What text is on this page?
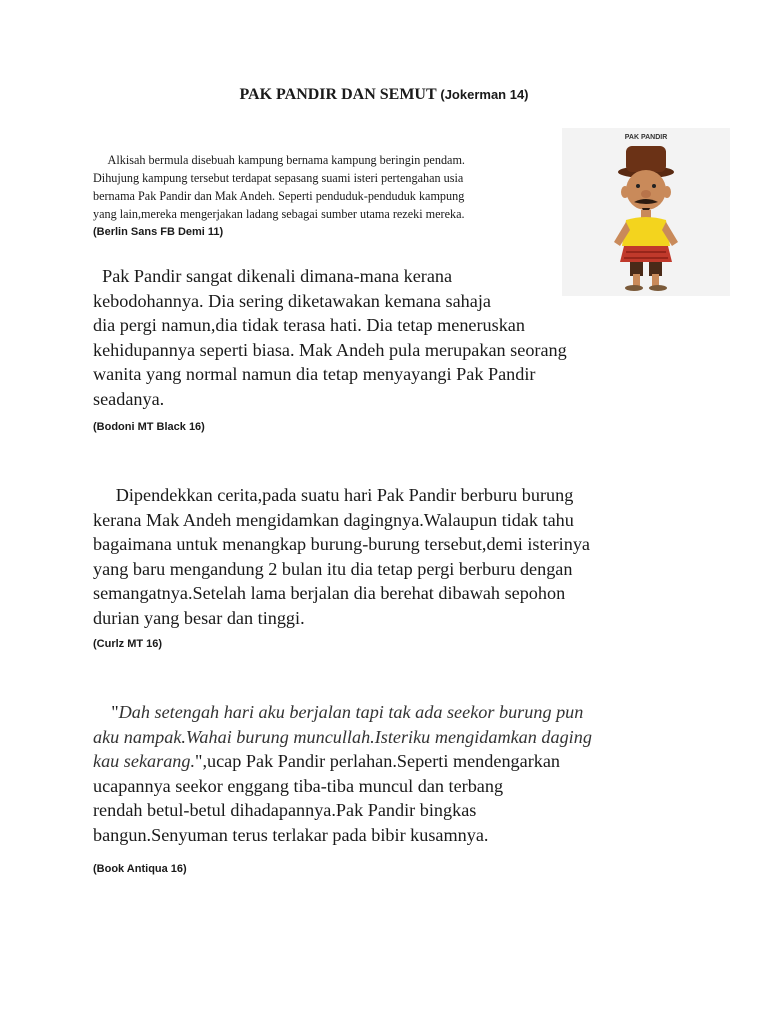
PAK PANDIR DAN SEMUT (Jokerman 14)
Alkisah bermula disebuah kampung bernama kampung beringin pendam.
Dihujung kampung tersebut terdapat sepasang suami isteri pertengahan usia
bernama Pak Pandir dan Mak Andeh. Seperti penduduk-penduduk kampung
yang lain,mereka mengerjakan ladang sebagai sumber utama rezeki mereka.
(Berlin Sans FB Demi 11)
PAK PANDIR
Pak Pandir sangat dikenali dimana-mana kerana
kebodohannya. Dia sering diketawakan kemana sahaja
dia pergi namun,dia tidak terasa hati. Dia tetap meneruskan
kehidupannya seperti biasa. Mak Andeh pula merupakan seorang
wanita yang normal namun dia tetap menyayangi Pak Pandir
seadanya.
(Bodoni MT Black 16)
Dipendekkan cerita,pada suatu hari Pak Pandir berburu burung
kerana Mak Andeh mengidamkan dagingnya.Walaupun tidak tahu
bagaimana untuk menangkap burung-burung tersebut,demi isterinya
yang baru mengandung 2 bulan itu dia tetap pergi berburu dengan
semangatnya.Setelah lama berjalan dia berehat dibawah sepohon
durian yang besar dan tinggi.
(Curlz MT 16)
"Dah setengah hari aku berjalan tapi tak ada seekor burung pun
aku nampak.Wahai burung muncullah.Isteriku mengidamkan daging
kau sekarang.",ucap Pak Pandir perlahan.Seperti mendengarkan
ucapannya seekor enggang tiba-tiba muncul dan terbang
rendah betul-betul dihadapannya.Pak Pandir bingkas
bangun.Senyuman terus terlakar pada bibir kusamnya.
(Book Antiqua 16)
